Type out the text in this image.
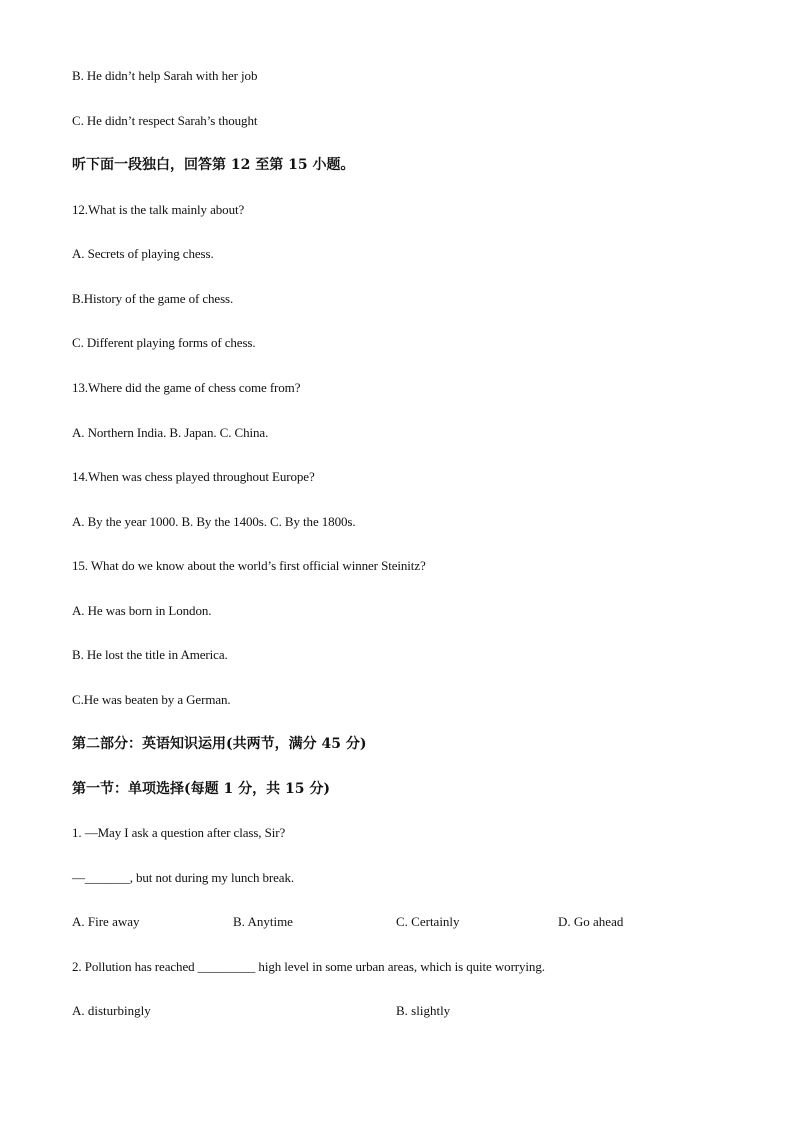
B. He didn’t help Sarah with her job
C. He didn’t respect Sarah’s thought
听下面一段独白，回答第 12 至第 15 小题。
12.What is the talk mainly about?
A. Secrets of playing chess.
B.History of the game of chess.
C. Different playing forms of chess.
13.Where did the game of chess come from?
A. Northern India. B. Japan. C. China.
14.When was chess played throughout Europe?
A. By the year 1000. B. By the 1400s. C. By the 1800s.
15. What do we know about the world’s first official winner Steinitz?
A. He was born in London.
B. He lost the title in America.
C.He was beaten by a German.
第二部分：英语知识运用(共两节，满分 45 分)
第一节：单项选择(每题 1 分，共 15 分)
1. —May I ask a question after class, Sir?
—_______, but not during my lunch break.
A. Fire away	B. Anytime	C. Certainly	D. Go ahead
2. Pollution has reached _________ high level in some urban areas, which is quite worrying.
A. disturbingly	B. slightly
